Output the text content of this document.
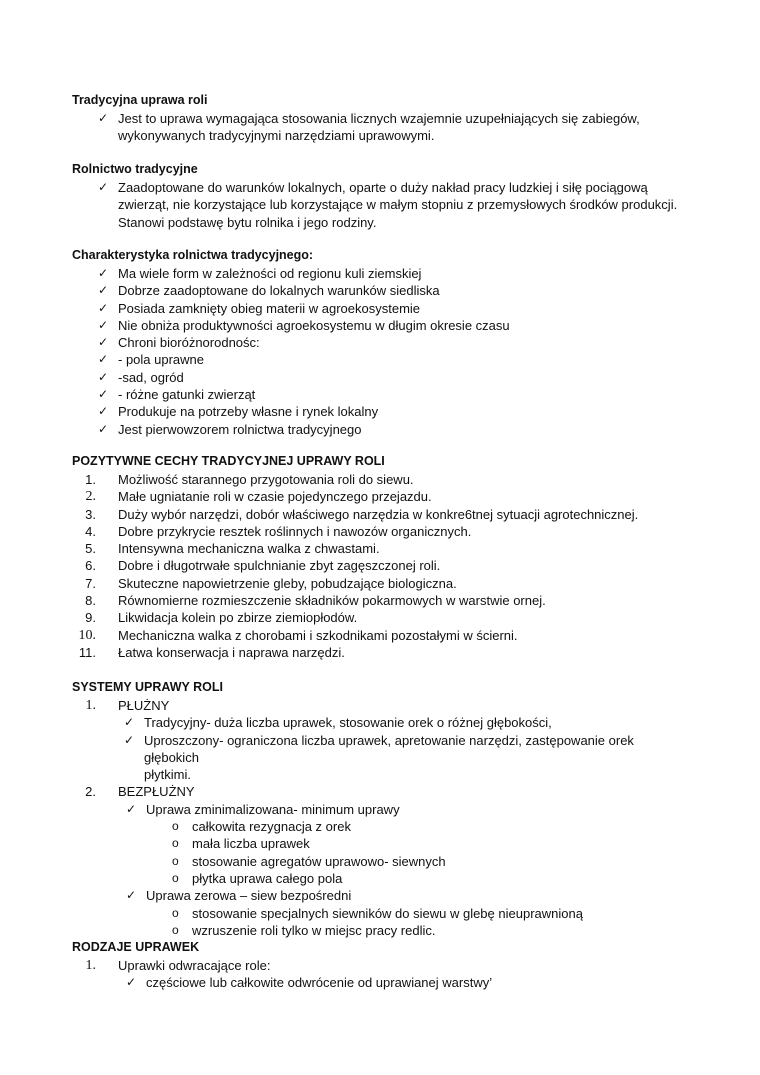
Tradycyjna uprawa roli
✓ Jest to uprawa wymagająca stosowania licznych wzajemnie uzupełniających się zabiegów,
wykonywanych tradycyjnymi narzędziami uprawowymi.
Rolnictwo tradycyjne
✓ Zaadoptowane do warunków lokalnych, oparte o duży nakład pracy ludzkiej i siłę pociągową
zwierząt, nie korzystające lub korzystające w małym stopniu z przemysłowych środków produkcji.
Stanowi podstawę bytu rolnika i jego rodziny.
Charakterystyka rolnictwa tradycyjnego:
✓ Ma wiele form w zależności od regionu kuli ziemskiej
✓ Dobrze zaadoptowane do lokalnych warunków siedliska
✓ Posiada zamknięty obieg materii w agroekosystemie
✓ Nie obniża produktywności agroekosystemu w długim okresie czasu
✓ Chroni bioróżnorodnośc:
✓ - pola uprawne
✓ -sad, ogród
✓ - różne gatunki zwierząt
✓ Produkuje na potrzeby własne i rynek lokalny
✓ Jest pierwowzorem rolnictwa tradycyjnego
POZYTYWNE CECHY TRADYCYJNEJ UPRAWY ROLI
1. Możliwość starannego przygotowania roli do siewu.
2. Małe ugniatanie roli w czasie pojedynczego przejazdu.
3. Duży wybór narzędzi, dobór właściwego narzędzia w konkre6tnej sytuacji agrotechnicznej.
4. Dobre przykrycie resztek roślinnych i nawozów organicznych.
5. Intensywna mechaniczna walka z chwastami.
6. Dobre i długotrwałe spulchnianie zbyt zagęszczonej roli.
7. Skuteczne napowietrzenie gleby, pobudzające biologiczna.
8. Równomierne rozmieszczenie składników pokarmowych w warstwie ornej.
9. Likwidacja kolein po zbirze ziemiopłodów.
10. Mechaniczna walka z chorobami i szkodnikami pozostałymi w ścierni.
11. Łatwa konserwacja i naprawa narzędzi.
SYSTEMY UPRAWY ROLI
1. PŁUŻNY
✓ Tradycyjny- duża liczba uprawek, stosowanie orek o różnej głębokości,
✓ Uproszczony- ograniczona liczba uprawek, apretowanie narzędzi, zastępowanie orek głębokich
płytkimi.
2. BEZPŁUŻNY
✓ Uprawa zminimalizowana- minimum uprawy
o całkowita rezygnacja z orek
o mała liczba uprawek
o stosowanie agregatów uprawowo- siewnych
o płytka uprawa całego pola
✓ Uprawa zerowa – siew bezpośredni
o stosowanie specjalnych siewników do siewu w glebę nieuprawnioną
o wzruszenie roli tylko w miejsc pracy redlic.
RODZAJE UPRAWEK
1. Uprawki odwracające role:
✓ częściowe lub całkowite odwrócenie od uprawianej warstwy’
